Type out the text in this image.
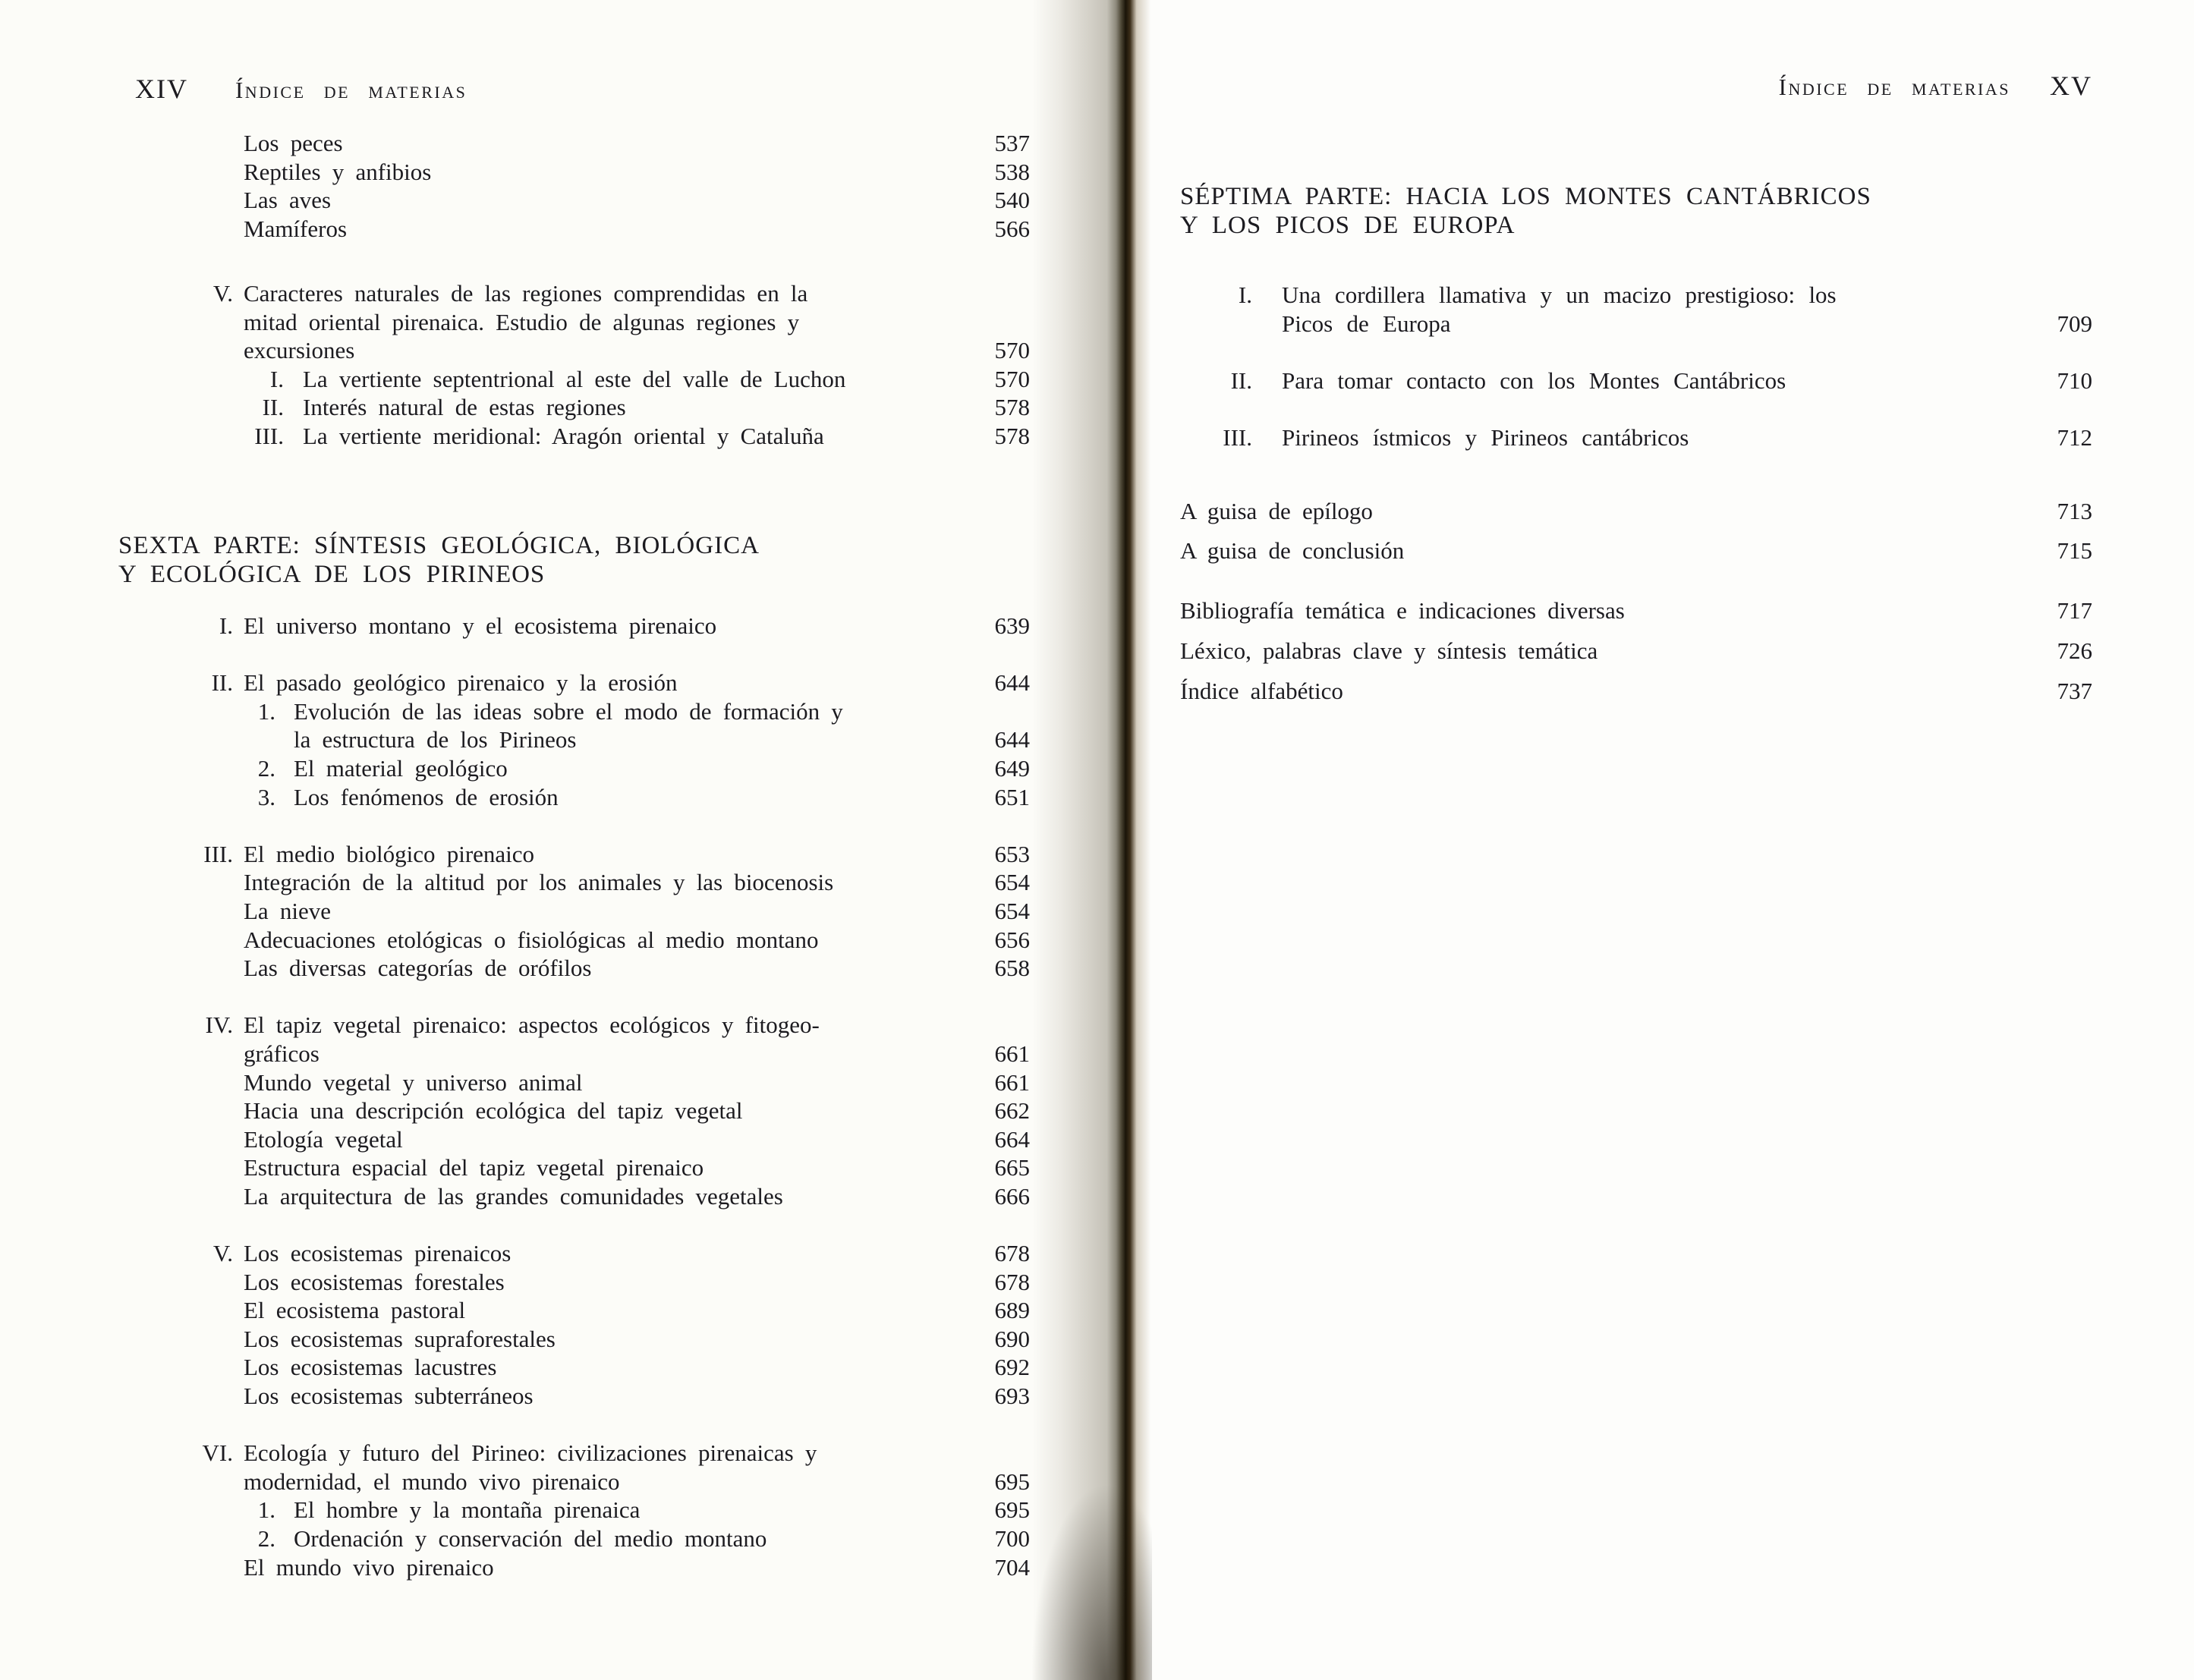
XIV Índice de materias	Índice de materias XV
Los peces	537
Reptiles y anfibios	538
Las aves	540
Mamíferos	566
V. Caracteres naturales de las regiones comprendidas en la
mitad oriental pirenaica. Estudio de algunas regiones y
excursiones	570
I. La vertiente septentrional al este del valle de Luchon	570
II. Interés natural de estas regiones	578
III. La vertiente meridional: Aragón oriental y Cataluña	578
SEXTA PARTE: SÍNTESIS GEOLÓGICA, BIOLÓGICA
Y ECOLÓGICA DE LOS PIRINEOS
I. El universo montano y el ecosistema pirenaico	639
II. El pasado geológico pirenaico y la erosión	644
1. Evolución de las ideas sobre el modo de formación y
la estructura de los Pirineos	644
2. El material geológico	649
3. Los fenómenos de erosión	651
III. El medio biológico pirenaico	653
Integración de la altitud por los animales y las biocenosis	654
La nieve	654
Adecuaciones etológicas o fisiológicas al medio montano	656
Las diversas categorías de orófilos	658
IV. El tapiz vegetal pirenaico: aspectos ecológicos y fitogeo-
gráficos	661
Mundo vegetal y universo animal	661
Hacia una descripción ecológica del tapiz vegetal	662
Etología vegetal	664
Estructura espacial del tapiz vegetal pirenaico	665
La arquitectura de las grandes comunidades vegetales	666
V. Los ecosistemas pirenaicos	678
Los ecosistemas forestales	678
El ecosistema pastoral	689
Los ecosistemas supraforestales	690
Los ecosistemas lacustres	692
Los ecosistemas subterráneos	693
VI. Ecología y futuro del Pirineo: civilizaciones pirenaicas y
modernidad, el mundo vivo pirenaico	695
1. El hombre y la montaña pirenaica	695
2. Ordenación y conservación del medio montano	700
El mundo vivo pirenaico	704
SÉPTIMA PARTE: HACIA LOS MONTES CANTÁBRICOS
Y LOS PICOS DE EUROPA
I. Una cordillera llamativa y un macizo prestigioso: los
Picos de Europa	709
II. Para tomar contacto con los Montes Cantábricos	710
III. Pirineos ístmicos y Pirineos cantábricos	712
A guisa de epílogo	713
A guisa de conclusión	715
Bibliografía temática e indicaciones diversas	717
Léxico, palabras clave y síntesis temática	726
Índice alfabético	737
